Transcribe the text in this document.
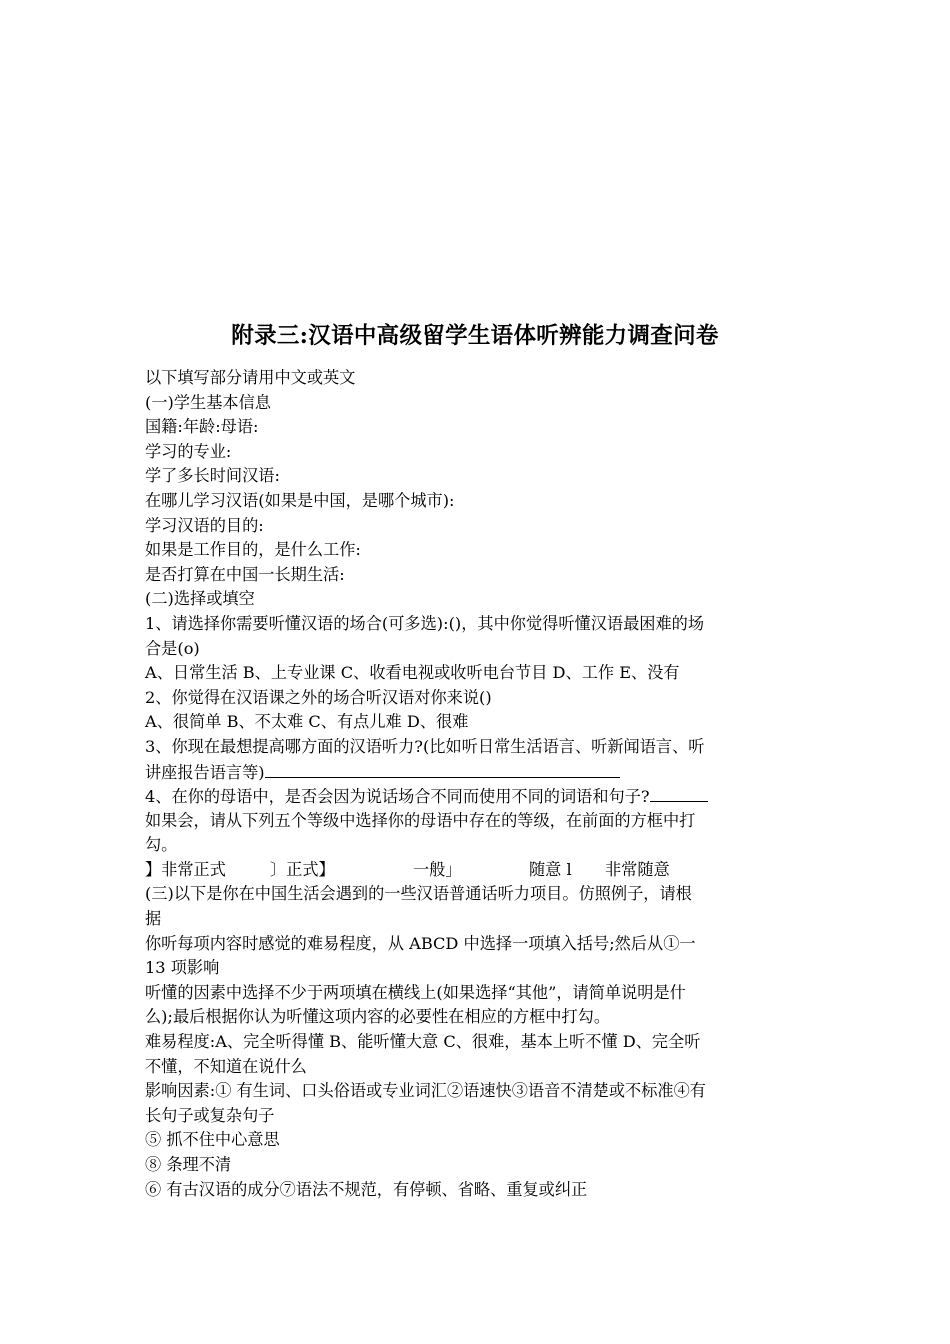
附录三:汉语中高级留学生语体听辨能力调查问卷
以下填写部分请用中文或英文
(一)学生基本信息
国籍:年龄:母语:
学习的专业:
学了多长时间汉语:
在哪儿学习汉语(如果是中国，是哪个城市):
学习汉语的目的:
如果是工作目的，是什么工作:
是否打算在中国一长期生活:
(二)选择或填空
1、请选择你需要听懂汉语的场合(可多选):()，其中你觉得听懂汉语最困难的场
合是(o)
A、日常生活 B、上专业课 C、收看电视或收听电台节目 D、工作 E、没有
2、你觉得在汉语课之外的场合听汉语对你来说()
A、很简单 B、不太难 C、有点儿难 D、很难
3、你现在最想提高哪方面的汉语听力?(比如听日常生活语言、听新闻语言、听
讲座报告语言等)
4、在你的母语中，是否会因为说话场合不同而使用不同的词语和句子?
如果会，请从下列五个等级中选择你的母语中存在的等级，在前面的方框中打
勾。
】非常正式	〕正式】	一般」	随意 l 非常随意
(三)以下是你在中国生活会遇到的一些汉语普通话听力项目。仿照例子，请根
据
你听每项内容时感觉的难易程度，从 ABCD 中选择一项填入括号;然后从①一
13 项影响
听懂的因素中选择不少于两项填在横线上(如果选择“其他”，请简单说明是什
么);最后根据你认为听懂这项内容的必要性在相应的方框中打勾。
难易程度:A、完全听得懂 B、能听懂大意 C、很难，基本上听不懂 D、完全听
不懂，不知道在说什么
影响因素:① 有生词、口头俗语或专业词汇②语速快③语音不清楚或不标准④有
长句子或复杂句子
⑤ 抓不住中心意思
⑧ 条理不清
⑥ 有古汉语的成分⑦语法不规范，有停顿、省略、重复或纠正
